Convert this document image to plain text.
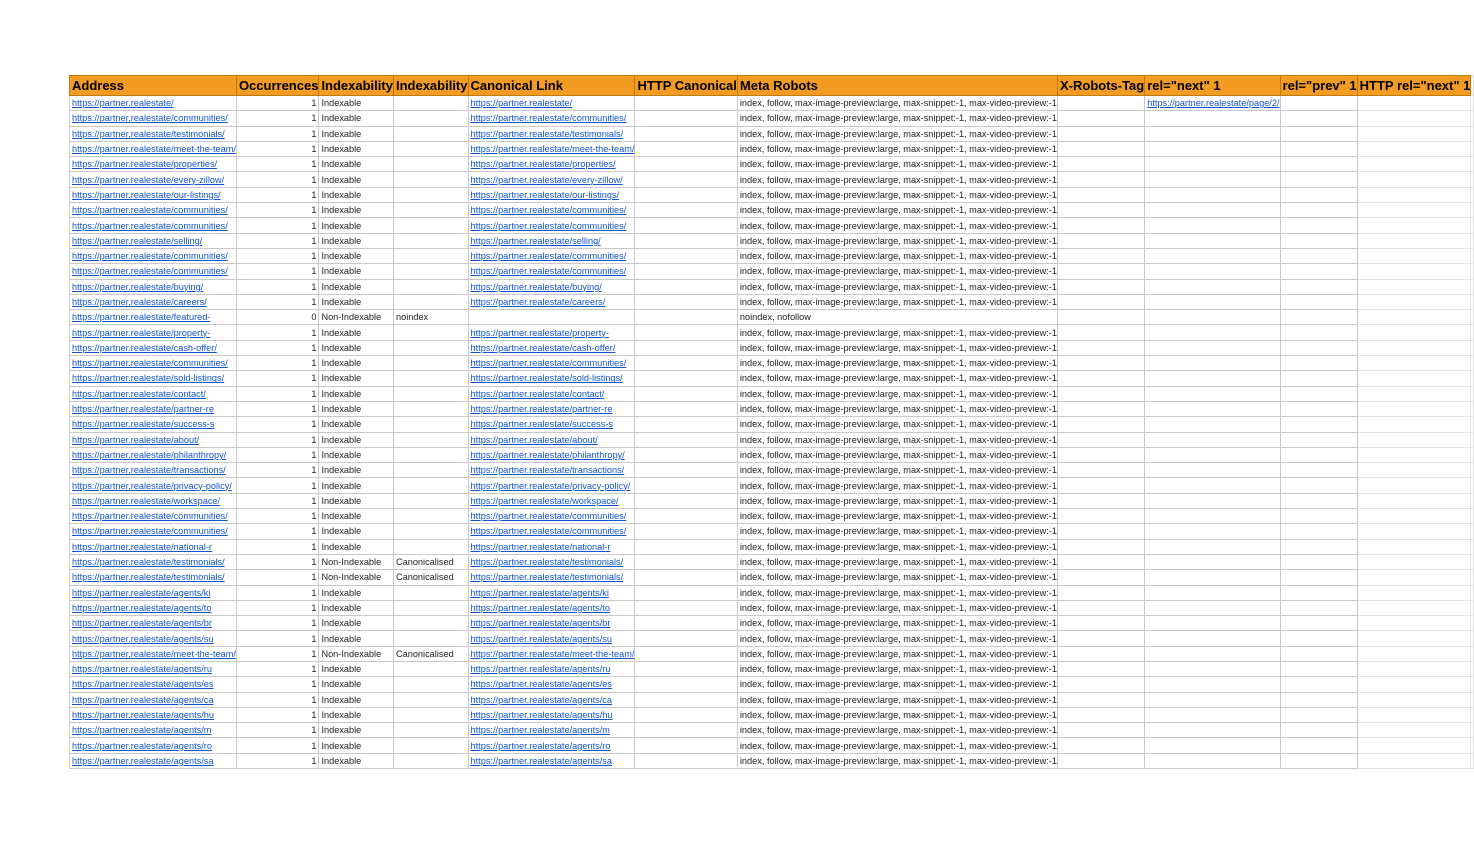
Address	Occurrences	Indexability	Indexability	Canonical Link	HTTP Canonical	Meta Robots	X-Robots-Tag	rel="next" 1	rel="prev" 1	HTTP rel="next" 1	
https://partner.realestate/	1	Indexable		https://partner.realestate/		index, follow, max-image-preview:large, max-snippet:-1, max-video-preview:-1		https://partner.realestate/page/2/			
https://partner.realestate/communities/	1	Indexable		https://partner.realestate/communities/		index, follow, max-image-preview:large, max-snippet:-1, max-video-preview:-1					
https://partner.realestate/testimonials/	1	Indexable		https://partner.realestate/testimonials/		index, follow, max-image-preview:large, max-snippet:-1, max-video-preview:-1					
https://partner.realestate/meet-the-team/	1	Indexable		https://partner.realestate/meet-the-team/		index, follow, max-image-preview:large, max-snippet:-1, max-video-preview:-1					
https://partner.realestate/properties/	1	Indexable		https://partner.realestate/properties/		index, follow, max-image-preview:large, max-snippet:-1, max-video-preview:-1					
https://partner.realestate/every-zillow/	1	Indexable		https://partner.realestate/every-zillow/		index, follow, max-image-preview:large, max-snippet:-1, max-video-preview:-1					
https://partner.realestate/our-listings/	1	Indexable		https://partner.realestate/our-listings/		index, follow, max-image-preview:large, max-snippet:-1, max-video-preview:-1					
https://partner.realestate/communities/	1	Indexable		https://partner.realestate/communities/		index, follow, max-image-preview:large, max-snippet:-1, max-video-preview:-1					
https://partner.realestate/communities/	1	Indexable		https://partner.realestate/communities/		index, follow, max-image-preview:large, max-snippet:-1, max-video-preview:-1					
https://partner.realestate/selling/	1	Indexable		https://partner.realestate/selling/		index, follow, max-image-preview:large, max-snippet:-1, max-video-preview:-1					
https://partner.realestate/communities/	1	Indexable		https://partner.realestate/communities/		index, follow, max-image-preview:large, max-snippet:-1, max-video-preview:-1					
https://partner.realestate/communities/	1	Indexable		https://partner.realestate/communities/		index, follow, max-image-preview:large, max-snippet:-1, max-video-preview:-1					
https://partner.realestate/buying/	1	Indexable		https://partner.realestate/buying/		index, follow, max-image-preview:large, max-snippet:-1, max-video-preview:-1					
https://partner.realestate/careers/	1	Indexable		https://partner.realestate/careers/		index, follow, max-image-preview:large, max-snippet:-1, max-video-preview:-1					
https://partner.realestate/featured-	0	Non-Indexable	noindex			noindex, nofollow					
https://partner.realestate/property-	1	Indexable		https://partner.realestate/property-		index, follow, max-image-preview:large, max-snippet:-1, max-video-preview:-1					
https://partner.realestate/cash-offer/	1	Indexable		https://partner.realestate/cash-offer/		index, follow, max-image-preview:large, max-snippet:-1, max-video-preview:-1					
https://partner.realestate/communities/	1	Indexable		https://partner.realestate/communities/		index, follow, max-image-preview:large, max-snippet:-1, max-video-preview:-1					
https://partner.realestate/sold-listings/	1	Indexable		https://partner.realestate/sold-listings/		index, follow, max-image-preview:large, max-snippet:-1, max-video-preview:-1					
https://partner.realestate/contact/	1	Indexable		https://partner.realestate/contact/		index, follow, max-image-preview:large, max-snippet:-1, max-video-preview:-1					
https://partner.realestate/partner-re	1	Indexable		https://partner.realestate/partner-re		index, follow, max-image-preview:large, max-snippet:-1, max-video-preview:-1					
https://partner.realestate/success-s	1	Indexable		https://partner.realestate/success-s		index, follow, max-image-preview:large, max-snippet:-1, max-video-preview:-1					
https://partner.realestate/about/	1	Indexable		https://partner.realestate/about/		index, follow, max-image-preview:large, max-snippet:-1, max-video-preview:-1					
https://partner.realestate/philanthropy/	1	Indexable		https://partner.realestate/philanthropy/		index, follow, max-image-preview:large, max-snippet:-1, max-video-preview:-1					
https://partner.realestate/transactions/	1	Indexable		https://partner.realestate/transactions/		index, follow, max-image-preview:large, max-snippet:-1, max-video-preview:-1					
https://partner.realestate/privacy-policy/	1	Indexable		https://partner.realestate/privacy-policy/		index, follow, max-image-preview:large, max-snippet:-1, max-video-preview:-1					
https://partner.realestate/workspace/	1	Indexable		https://partner.realestate/workspace/		index, follow, max-image-preview:large, max-snippet:-1, max-video-preview:-1					
https://partner.realestate/communities/	1	Indexable		https://partner.realestate/communities/		index, follow, max-image-preview:large, max-snippet:-1, max-video-preview:-1					
https://partner.realestate/communities/	1	Indexable		https://partner.realestate/communities/		index, follow, max-image-preview:large, max-snippet:-1, max-video-preview:-1					
https://partner.realestate/national-r	1	Indexable		https://partner.realestate/national-r		index, follow, max-image-preview:large, max-snippet:-1, max-video-preview:-1					
https://partner.realestate/testimonials/	1	Non-Indexable	Canonicalised	https://partner.realestate/testimonials/		index, follow, max-image-preview:large, max-snippet:-1, max-video-preview:-1					
https://partner.realestate/testimonials/	1	Non-Indexable	Canonicalised	https://partner.realestate/testimonials/		index, follow, max-image-preview:large, max-snippet:-1, max-video-preview:-1					
https://partner.realestate/agents/ki	1	Indexable		https://partner.realestate/agents/ki		index, follow, max-image-preview:large, max-snippet:-1, max-video-preview:-1					
https://partner.realestate/agents/to	1	Indexable		https://partner.realestate/agents/to		index, follow, max-image-preview:large, max-snippet:-1, max-video-preview:-1					
https://partner.realestate/agents/br	1	Indexable		https://partner.realestate/agents/br		index, follow, max-image-preview:large, max-snippet:-1, max-video-preview:-1					
https://partner.realestate/agents/su	1	Indexable		https://partner.realestate/agents/su		index, follow, max-image-preview:large, max-snippet:-1, max-video-preview:-1					
https://partner.realestate/meet-the-team/	1	Non-Indexable	Canonicalised	https://partner.realestate/meet-the-team/		index, follow, max-image-preview:large, max-snippet:-1, max-video-preview:-1					
https://partner.realestate/agents/ru	1	Indexable		https://partner.realestate/agents/ru		index, follow, max-image-preview:large, max-snippet:-1, max-video-preview:-1					
https://partner.realestate/agents/es	1	Indexable		https://partner.realestate/agents/es		index, follow, max-image-preview:large, max-snippet:-1, max-video-preview:-1					
https://partner.realestate/agents/ca	1	Indexable		https://partner.realestate/agents/ca		index, follow, max-image-preview:large, max-snippet:-1, max-video-preview:-1					
https://partner.realestate/agents/hu	1	Indexable		https://partner.realestate/agents/hu		index, follow, max-image-preview:large, max-snippet:-1, max-video-preview:-1					
https://partner.realestate/agents/m	1	Indexable		https://partner.realestate/agents/m		index, follow, max-image-preview:large, max-snippet:-1, max-video-preview:-1					
https://partner.realestate/agents/ro	1	Indexable		https://partner.realestate/agents/ro		index, follow, max-image-preview:large, max-snippet:-1, max-video-preview:-1					
https://partner.realestate/agents/sa	1	Indexable		https://partner.realestate/agents/sa		index, follow, max-image-preview:large, max-snippet:-1, max-video-preview:-1					
